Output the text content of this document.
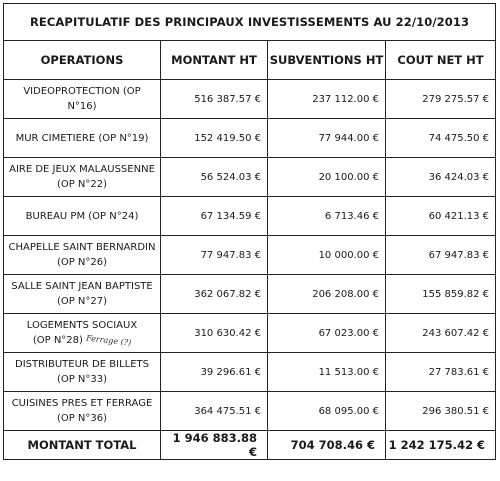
RECAPITULATIF DES PRINCIPAUX INVESTISSEMENTS AU 22/10/2013			
OPERATIONS	MONTANT HT	SUBVENTIONS HT	COUT NET HT

VIDEOPROTECTION (OP N°16)	516 387.57 €	237 112.00 €	279 275.57 €

MUR CIMETIERE (OP N°19)	152 419.50 €	77 944.00 €	74 475.50 €

AIRE DE JEUX MALAUSSENNE
(OP N°22)	56 524.03 €	20 100.00 €	36 424.03 €

BUREAU PM (OP N°24)	67 134.59 €	6 713.46 €	60 421.13 €

CHAPELLE SAINT BERNARDIN
(OP N°26)	77 947.83 €	10 000.00 €	67 947.83 €

SALLE SAINT JEAN BAPTISTE
(OP N°27)	362 067.82 €	206 208.00 €	155 859.82 €

LOGEMENTS SOCIAUX
(OP N°28) Ferrage (?)	310 630.42 €	67 023.00 €	243 607.42 €

DISTRIBUTEUR DE BILLETS
(OP N°33)	39 296.61 €	11 513.00 €	27 783.61 €

CUISINES PRES ET FERRAGE
(OP N°36)	364 475.51 €	68 095.00 €	296 380.51 €
MONTANT TOTAL	1 946 883.88 €	704 708.46 €	1 242 175.42 €
